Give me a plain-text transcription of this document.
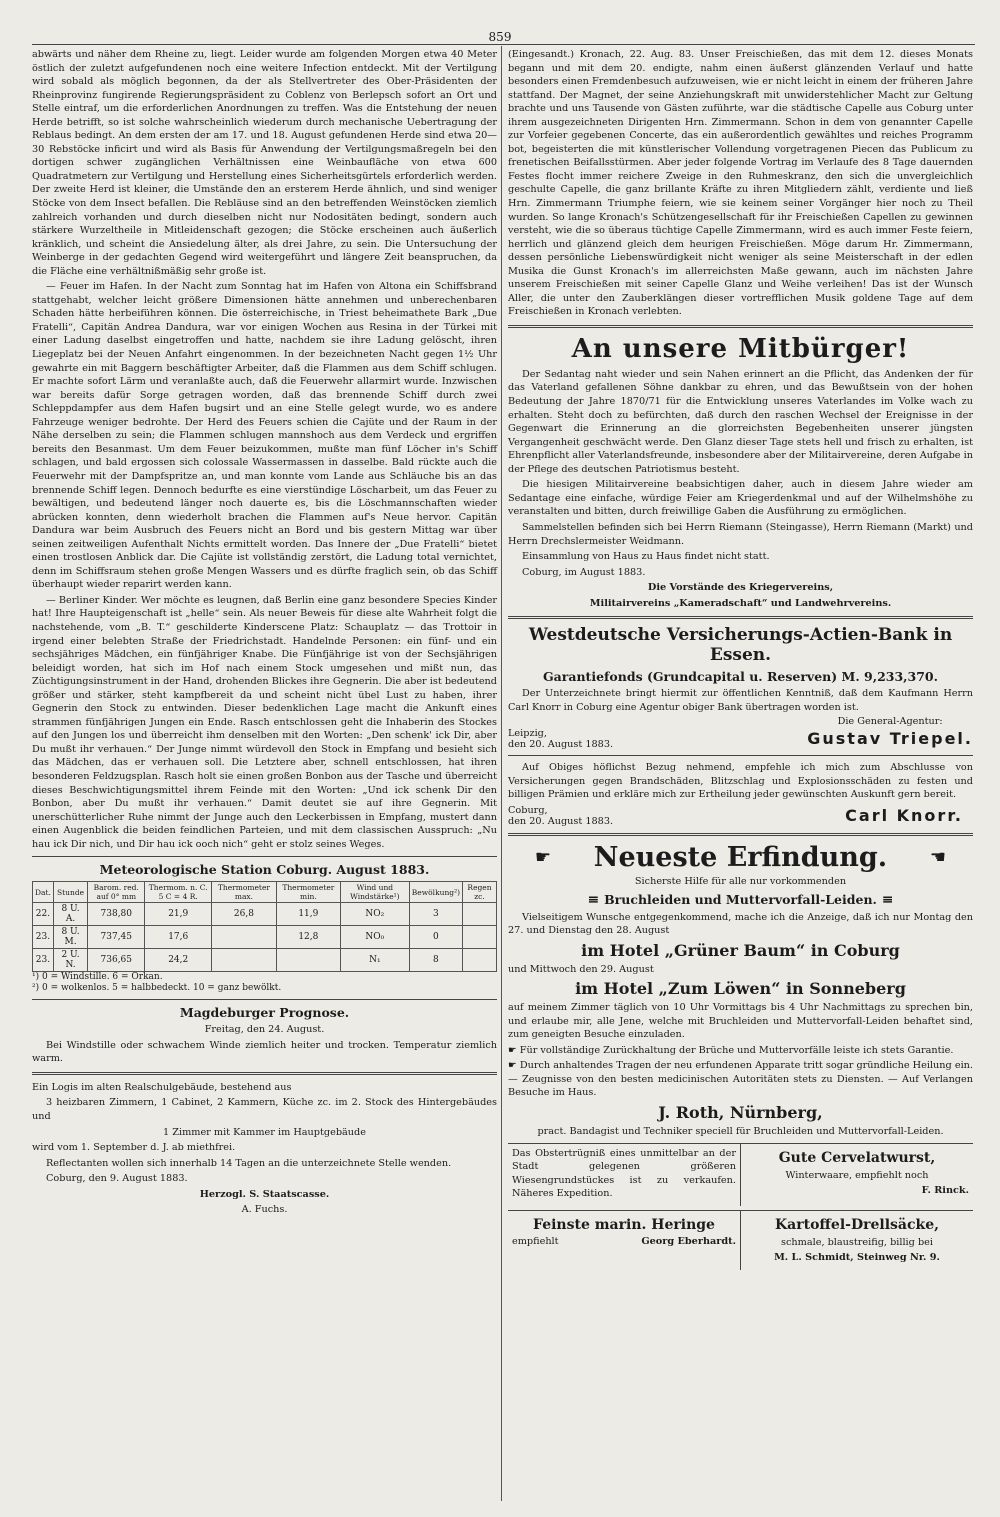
859

abwärts und näher dem Rheine zu, liegt. Leider wurde am folgenden Morgen etwa 40 Meter östlich der zuletzt aufgefundenen noch eine weitere Infection entdeckt. Mit der Vertilgung wird sobald als möglich begonnen, da der als Stellvertreter des Ober-Präsidenten der Rheinprovinz fungirende Regierungspräsident zu Coblenz von Berlepsch sofort an Ort und Stelle eintraf, um die erforderlichen Anordnungen zu treffen. Was die Entstehung der neuen Herde betrifft, so ist solche wahrscheinlich wiederum durch mechanische Uebertragung der Reblaus bedingt. An dem ersten der am 17. und 18. August gefundenen Herde sind etwa 20—30 Rebstöcke inficirt und wird als Basis für Anwendung der Vertilgungsmaßregeln bei den dortigen schwer zugänglichen Verhältnissen eine Weinbaufläche von etwa 600 Quadratmetern zur Vertilgung und Herstellung eines Sicherheitsgürtels erforderlich werden. Der zweite Herd ist kleiner, die Umstände den an ersterem Herde ähnlich, und sind weniger Stöcke von dem Insect befallen. Die Rebläuse sind an den betreffenden Weinstöcken ziemlich zahlreich vorhanden und durch dieselben nicht nur Nodositäten bedingt, sondern auch stärkere Wurzeltheile in Mitleidenschaft gezogen; die Stöcke erscheinen auch äußerlich kränklich, und scheint die Ansiedelung älter, als drei Jahre, zu sein. Die Untersuchung der Weinberge in der gedachten Gegend wird weitergeführt und längere Zeit beanspruchen, da die Fläche eine verhältnißmäßig sehr große ist.

— Feuer im Hafen. In der Nacht zum Sonntag hat im Hafen von Altona ein Schiffsbrand stattgehabt, welcher leicht größere Dimensionen hätte annehmen und unberechenbaren Schaden hätte herbeiführen können. Die österreichische, in Triest beheimathete Bark „Due Fratelli“, Capitän Andrea Dandura, war vor einigen Wochen aus Resina in der Türkei mit einer Ladung daselbst eingetroffen und hatte, nachdem sie ihre Ladung gelöscht, ihren Liegeplatz bei der Neuen Anfahrt eingenommen. In der bezeichneten Nacht gegen 1½ Uhr gewahrte ein mit Baggern beschäftigter Arbeiter, daß die Flammen aus dem Schiff schlugen. Er machte sofort Lärm und veranlaßte auch, daß die Feuerwehr allarmirt wurde. Inzwischen war bereits dafür Sorge getragen worden, daß das brennende Schiff durch zwei Schleppdampfer aus dem Hafen bugsirt und an eine Stelle gelegt wurde, wo es andere Fahrzeuge weniger bedrohte. Der Herd des Feuers schien die Cajüte und der Raum in der Nähe derselben zu sein; die Flammen schlugen mannshoch aus dem Verdeck und ergriffen bereits den Besanmast. Um dem Feuer beizukommen, mußte man fünf Löcher in's Schiff schlagen, und bald ergossen sich colossale Wassermassen in dasselbe. Bald rückte auch die Feuerwehr mit der Dampfspritze an, und man konnte vom Lande aus Schläuche bis an das brennende Schiff legen. Dennoch bedurfte es eine vierstündige Löscharbeit, um das Feuer zu bewältigen, und bedeutend länger noch dauerte es, bis die Löschmannschaften wieder abrücken konnten, denn wiederholt brachen die Flammen auf's Neue hervor. Capitän Dandura war beim Ausbruch des Feuers nicht an Bord und bis gestern Mittag war über seinen zeitweiligen Aufenthalt Nichts ermittelt worden. Das Innere der „Due Fratelli“ bietet einen trostlosen Anblick dar. Die Cajüte ist vollständig zerstört, die Ladung total vernichtet, denn im Schiffsraum stehen große Mengen Wassers und es dürfte fraglich sein, ob das Schiff überhaupt wieder reparirt werden kann.

— Berliner Kinder. Wer möchte es leugnen, daß Berlin eine ganz besondere Species Kinder hat! Ihre Haupteigenschaft ist „helle“ sein. Als neuer Beweis für diese alte Wahrheit folgt die nachstehende, vom „B. T.“ geschilderte Kinderscene Platz: Schauplatz — das Trottoir in irgend einer belebten Straße der Friedrichstadt. Handelnde Personen: ein fünf- und ein sechsjähriges Mädchen, ein fünfjähriger Knabe. Die Fünfjährige ist von der Sechsjährigen beleidigt worden, hat sich im Hof nach einem Stock umgesehen und mißt nun, das Züchtigungsinstrument in der Hand, drohenden Blickes ihre Gegnerin. Die aber ist bedeutend größer und stärker, steht kampfbereit da und scheint nicht übel Lust zu haben, ihrer Gegnerin den Stock zu entwinden. Dieser bedenklichen Lage macht die Ankunft eines strammen fünfjährigen Jungen ein Ende. Rasch entschlossen geht die Inhaberin des Stockes auf den Jungen los und überreicht ihm denselben mit den Worten: „Den schenk' ick Dir, aber Du mußt ihr verhauen.“ Der Junge nimmt würdevoll den Stock in Empfang und besieht sich das Mädchen, das er verhauen soll. Die Letztere aber, schnell entschlossen, hat ihren besonderen Feldzugsplan. Rasch holt sie einen großen Bonbon aus der Tasche und überreicht dieses Beschwichtigungsmittel ihrem Feinde mit den Worten: „Und ick schenk Dir den Bonbon, aber Du mußt ihr verhauen.“ Damit deutet sie auf ihre Gegnerin. Mit unerschütterlicher Ruhe nimmt der Junge auch den Leckerbissen in Empfang, mustert dann einen Augenblick die beiden feindlichen Parteien, und mit dem classischen Ausspruch: „Nu hau ick Dir nich, und Dir hau ick ooch nich“ geht er stolz seines Weges.

Meteorologische Station Coburg. August 1883.
Dat.	Stunde	Barom. red. auf 0° mm	Thermom. n. C. 5 C = 4 R.	Thermometer max.	Thermometer min.	Wind und Windstärke¹)	Bewölkung²)	Regen zc.
22.	8 U. A.	738,80	21,9	26,8	11,9	NO₂	3	
23.	8 U. M.	737,45	17,6		12,8	NO₀	0	
23.	2 U. N.	736,65	24,2			N₁	8	
¹) 0 = Windstille. 6 = Orkan.
²) 0 = wolkenlos. 5 = halbbedeckt. 10 = ganz bewölkt.
Magdeburger Prognose.
Freitag, den 24. August.

Bei Windstille oder schwachem Winde ziemlich heiter und trocken. Temperatur ziemlich warm.

Ein Logis im alten Realschulgebäude, bestehend aus

3 heizbaren Zimmern, 1 Cabinet, 2 Kammern, Küche zc. im 2. Stock des Hintergebäudes und

1 Zimmer mit Kammer im Hauptgebäude

wird vom 1. September d. J. ab miethfrei.

Reflectanten wollen sich innerhalb 14 Tagen an die unterzeichnete Stelle wenden.

Coburg, den 9. August 1883.

Herzogl. S. Staatscasse.

A. Fuchs.

(Eingesandt.) Kronach, 22. Aug. 83. Unser Freischießen, das mit dem 12. dieses Monats begann und mit dem 20. endigte, nahm einen äußerst glänzenden Verlauf und hatte besonders einen Fremdenbesuch aufzuweisen, wie er nicht leicht in einem der früheren Jahre stattfand. Der Magnet, der seine Anziehungskraft mit unwiderstehlicher Macht zur Geltung brachte und uns Tausende von Gästen zuführte, war die städtische Capelle aus Coburg unter ihrem ausgezeichneten Dirigenten Hrn. Zimmermann. Schon in dem von genannter Capelle zur Vorfeier gegebenen Concerte, das ein außerordentlich gewähltes und reiches Programm bot, begeisterten die mit künstlerischer Vollendung vorgetragenen Piecen das Publicum zu frenetischen Beifallsstürmen. Aber jeder folgende Vortrag im Verlaufe des 8 Tage dauernden Festes flocht immer reichere Zweige in den Ruhmeskranz, den sich die unvergleichlich geschulte Capelle, die ganz brillante Kräfte zu ihren Mitgliedern zählt, verdiente und ließ Hrn. Zimmermann Triumphe feiern, wie sie keinem seiner Vorgänger hier noch zu Theil wurden. So lange Kronach's Schützengesellschaft für ihr Freischießen Capellen zu gewinnen versteht, wie die so überaus tüchtige Capelle Zimmermann, wird es auch immer Feste feiern, herrlich und glänzend gleich dem heurigen Freischießen. Möge darum Hr. Zimmermann, dessen persönliche Liebenswürdigkeit nicht weniger als seine Meisterschaft in der edlen Musika die Gunst Kronach's im allerreichsten Maße gewann, auch im nächsten Jahre unserem Freischießen mit seiner Capelle Glanz und Weihe verleihen! Das ist der Wunsch Aller, die unter den Zauberklängen dieser vortrefflichen Musik goldene Tage auf dem Freischießen in Kronach verlebten.

An unsere Mitbürger!

Der Sedantag naht wieder und sein Nahen erinnert an die Pflicht, das Andenken der für das Vaterland gefallenen Söhne dankbar zu ehren, und das Bewußtsein von der hohen Bedeutung der Jahre 1870/71 für die Entwicklung unseres Vaterlandes im Volke wach zu erhalten. Steht doch zu befürchten, daß durch den raschen Wechsel der Ereignisse in der Gegenwart die Erinnerung an die glorreichsten Begebenheiten unserer jüngsten Vergangenheit geschwächt werde. Den Glanz dieser Tage stets hell und frisch zu erhalten, ist Ehrenpflicht aller Vaterlandsfreunde, insbesondere aber der Militairvereine, deren Aufgabe in der Pflege des deutschen Patriotismus besteht.

Die hiesigen Militairvereine beabsichtigen daher, auch in diesem Jahre wieder am Sedantage eine einfache, würdige Feier am Kriegerdenkmal und auf der Wilhelmshöhe zu veranstalten und bitten, durch freiwillige Gaben die Ausführung zu ermöglichen.

Sammelstellen befinden sich bei Herrn Riemann (Steingasse), Herrn Riemann (Markt) und Herrn Drechslermeister Weidmann.

Einsammlung von Haus zu Haus findet nicht statt.

Coburg, im August 1883.

Die Vorstände des Kriegervereins,

Militairvereins „Kameradschaft“ und Landwehrvereins.

Westdeutsche Versicherungs-Actien-Bank in Essen.
Garantiefonds (Grundcapital u. Reserven) M. 9,233,370.

Der Unterzeichnete bringt hiermit zur öffentlichen Kenntniß, daß dem Kaufmann Herrn Carl Knorr in Coburg eine Agentur obiger Bank übertragen worden ist.

Leipzig,
den 20. August 1883.
Die General-Agentur:
Gustav Triepel.

Auf Obiges höflichst Bezug nehmend, empfehle ich mich zum Abschlusse von Versicherungen gegen Brandschäden, Blitzschlag und Explosionsschäden zu festen und billigen Prämien und erkläre mich zur Ertheilung jeder gewünschten Auskunft gern bereit.

Coburg,
den 20. August 1883.	Carl Knorr.
☛	Neueste Erfindung.	☚

Sicherste Hilfe für alle nur vorkommenden

≡ Bruchleiden und Muttervorfall-Leiden. ≡

Vielseitigem Wunsche entgegenkommend, mache ich die Anzeige, daß ich nur Montag den 27. und Dienstag den 28. August

im Hotel „Grüner Baum“ in Coburg

und Mittwoch den 29. August

im Hotel „Zum Löwen“ in Sonneberg

auf meinem Zimmer täglich von 10 Uhr Vormittags bis 4 Uhr Nachmittags zu sprechen bin, und erlaube mir, alle Jene, welche mit Bruchleiden und Muttervorfall-Leiden behaftet sind, zum geneigten Besuche einzuladen.

☛ Für vollständige Zurückhaltung der Brüche und Muttervorfälle leiste ich stets Garantie.

☛ Durch anhaltendes Tragen der neu erfundenen Apparate tritt sogar gründliche Heilung ein. — Zeugnisse von den besten medicinischen Autoritäten stets zu Diensten. — Auf Verlangen Besuche im Haus.

J. Roth, Nürnberg,

pract. Bandagist und Techniker speciell für Bruchleiden und Muttervorfall-Leiden.

Das Obstertrügniß eines unmittelbar an der Stadt gelegenen größeren Wiesengrundstückes ist zu verkaufen. Näheres Expedition.

Gute Cervelatwurst,

Winterwaare, empfiehlt noch

F. Rinck.

Feinste marin. Heringe
empfiehlt	Georg Eberhardt.
Kartoffel-Drellsäcke,

schmale, blaustreifig, billig bei

M. L. Schmidt, Steinweg Nr. 9.
